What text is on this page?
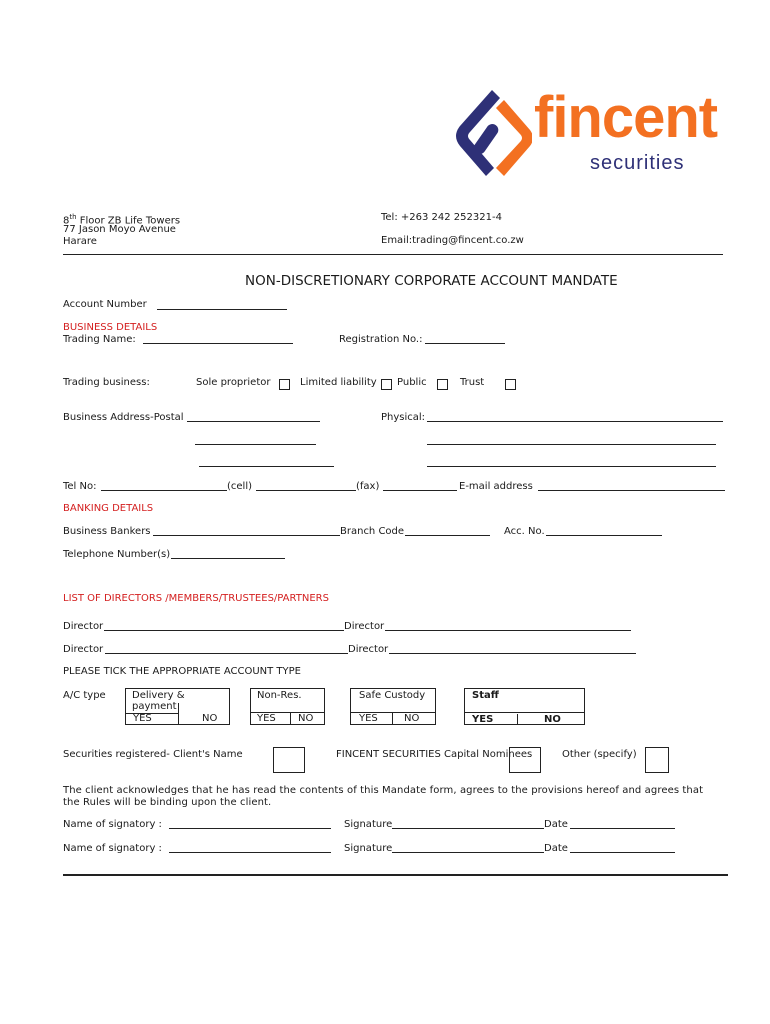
fincent
securities
8th Floor ZB Life Towers
77 Jason Moyo Avenue
Harare
Tel: +263 242 252321-4
Email:trading@fincent.co.zw
NON-DISCRETIONARY CORPORATE ACCOUNT MANDATE
Account Number
BUSINESS DETAILS
Trading Name:	Registration No.:
Trading business:	Sole proprietor	Limited liability Public	Trust
Business Address-Postal	Physical:
Tel No:	(cell)	(fax)	E-mail address
BANKING DETAILS
Business Bankers	Branch Code	Acc. No.
Telephone Number(s)
LIST OF DIRECTORS /MEMBERS/TRUSTEES/PARTNERS
Director	Director
Director	Director
PLEASE TICK THE APPROPRIATE ACCOUNT TYPE
A/C type	Delivery &
payment
YES	NO
Non-Res.
YES NO
Safe Custody
YES	NO
Staff
YES	NO
Securities registered- Client's Name	FINCENT SECURITIES Capital Nominees	Other (specify)
The client acknowledges that he has read the contents of this Mandate form, agrees to the provisions hereof and agrees that the Rules will be binding upon the client.
Name of signatory :	Signature	Date
Name of signatory :	Signature	Date
